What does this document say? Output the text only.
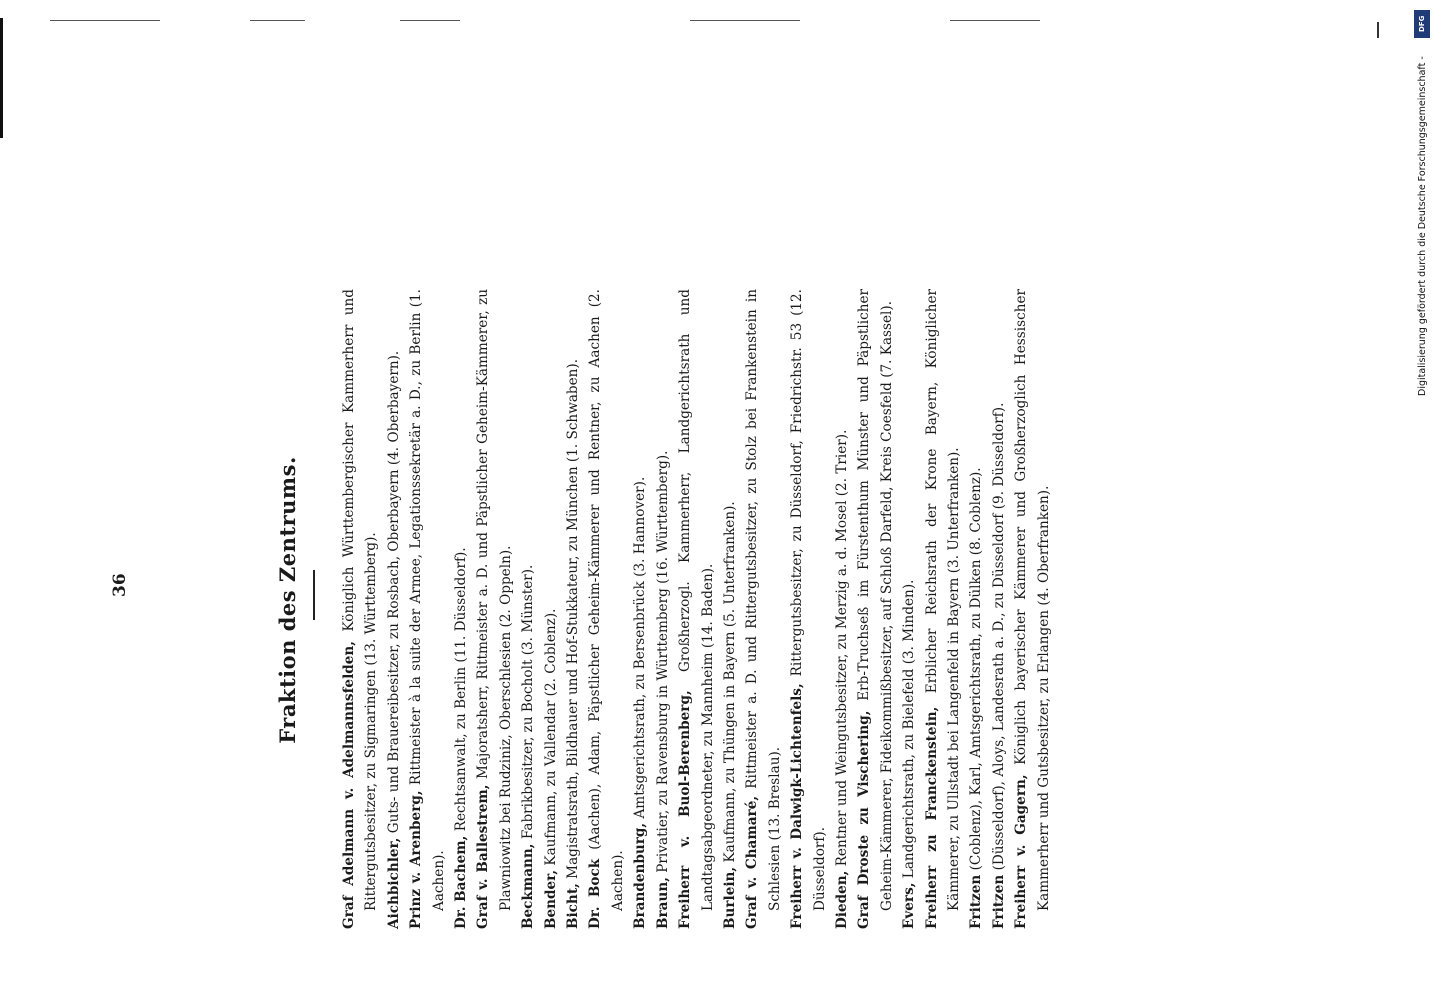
36	Fraktion des Zentrums.
Graf Adelmann v. Adelmannsfelden, Königlich Württembergischer Kammerherr und Rittergutsbesitzer, zu Sigmaringen (13. Württemberg). Aichbichler, Guts- und Brauereibesitzer, zu Rosbach, Oberbayern (4. Oberbayern).
Prinz v. Arenberg, Rittmeister à la suite der Armee, Legationssekretär a. D., zu Berlin (1. Aachen). Dr. Bachem, Rechtsanwalt, zu Berlin (11. Düsseldorf).
Graf v. Ballestrem, Majoratsherr, Rittmeister a. D. und Päpstlicher Geheim-Kämmerer, zu Plawniowitz bei Rudziniz, Oberschlesien (2. Oppeln). Beckmann, Fabrikbesitzer, zu Bocholt (3. Münster).
Bender, Kaufmann, zu Vallendar (2. Coblenz).
Bicht, Magistratsrath, Bildhauer und Hof-Stukkateur, zu München (1. Schwaben).
Dr. Bock (Aachen), Adam, Päpstlicher Geheim-Kämmerer und Rentner, zu Aachen (2. Aachen). Brandenburg, Amtsgerichtsrath, zu Bersenbrück (3. Hannover).
Braun, Privatier, zu Ravensburg in Württemberg (16. Württemberg). Freiherr v. Buol-Berenberg, Großherzogl. Kammerherr, Landgerichtsrath und Landtagsabgeordneter, zu Mannheim (14. Baden). Burlein, Kaufmann, zu Thüngen in Bayern (5. Unterfranken). Graf v. Chamaré, Rittmeister a. D. und Rittergutsbesitzer, zu Stolz bei Frankenstein in Schlesien (13. Breslau). Freiherr v. Dalwigk-Lichtenfels, Rittergutsbesitzer, zu Düsseldorf, Friedrichstr. 53 (12. Düsseldorf). Dieden, Rentner und Weingutsbesitzer, zu Merzig a. d. Mosel (2. Trier). Graf Droste zu Vischering, Erb-Truchseß im Fürstenthum Münster und Päpstlicher Geheim-Kämmerer, Fideikommißbesitzer, auf Schloß Darfeld, Kreis Coesfeld (7. Kassel). Evers, Landgerichtsrath, zu Bielefeld (3. Minden). Freiherr zu Franckenstein, Erblicher Reichsrath der Krone Bayern, Königlicher Kämmerer, zu Ullstadt bei Langenfeld in Bayern (3. Unterfranken). Fritzen (Coblenz), Karl, Amtsgerichtsrath, zu Dülken (8. Coblenz).
Fritzen (Düsseldorf), Aloys, Landesrath a. D., zu Düsseldorf (9. Düsseldorf). Freiherr v. Gagern, Königlich bayerischer Kämmerer und Großherzoglich Hessischer Kammerherr und Gutsbesitzer, zu Erlangen (4. Oberfranken).
DFG
Digitalisierung gefördert durch die Deutsche Forschungsgemeinschaft -
